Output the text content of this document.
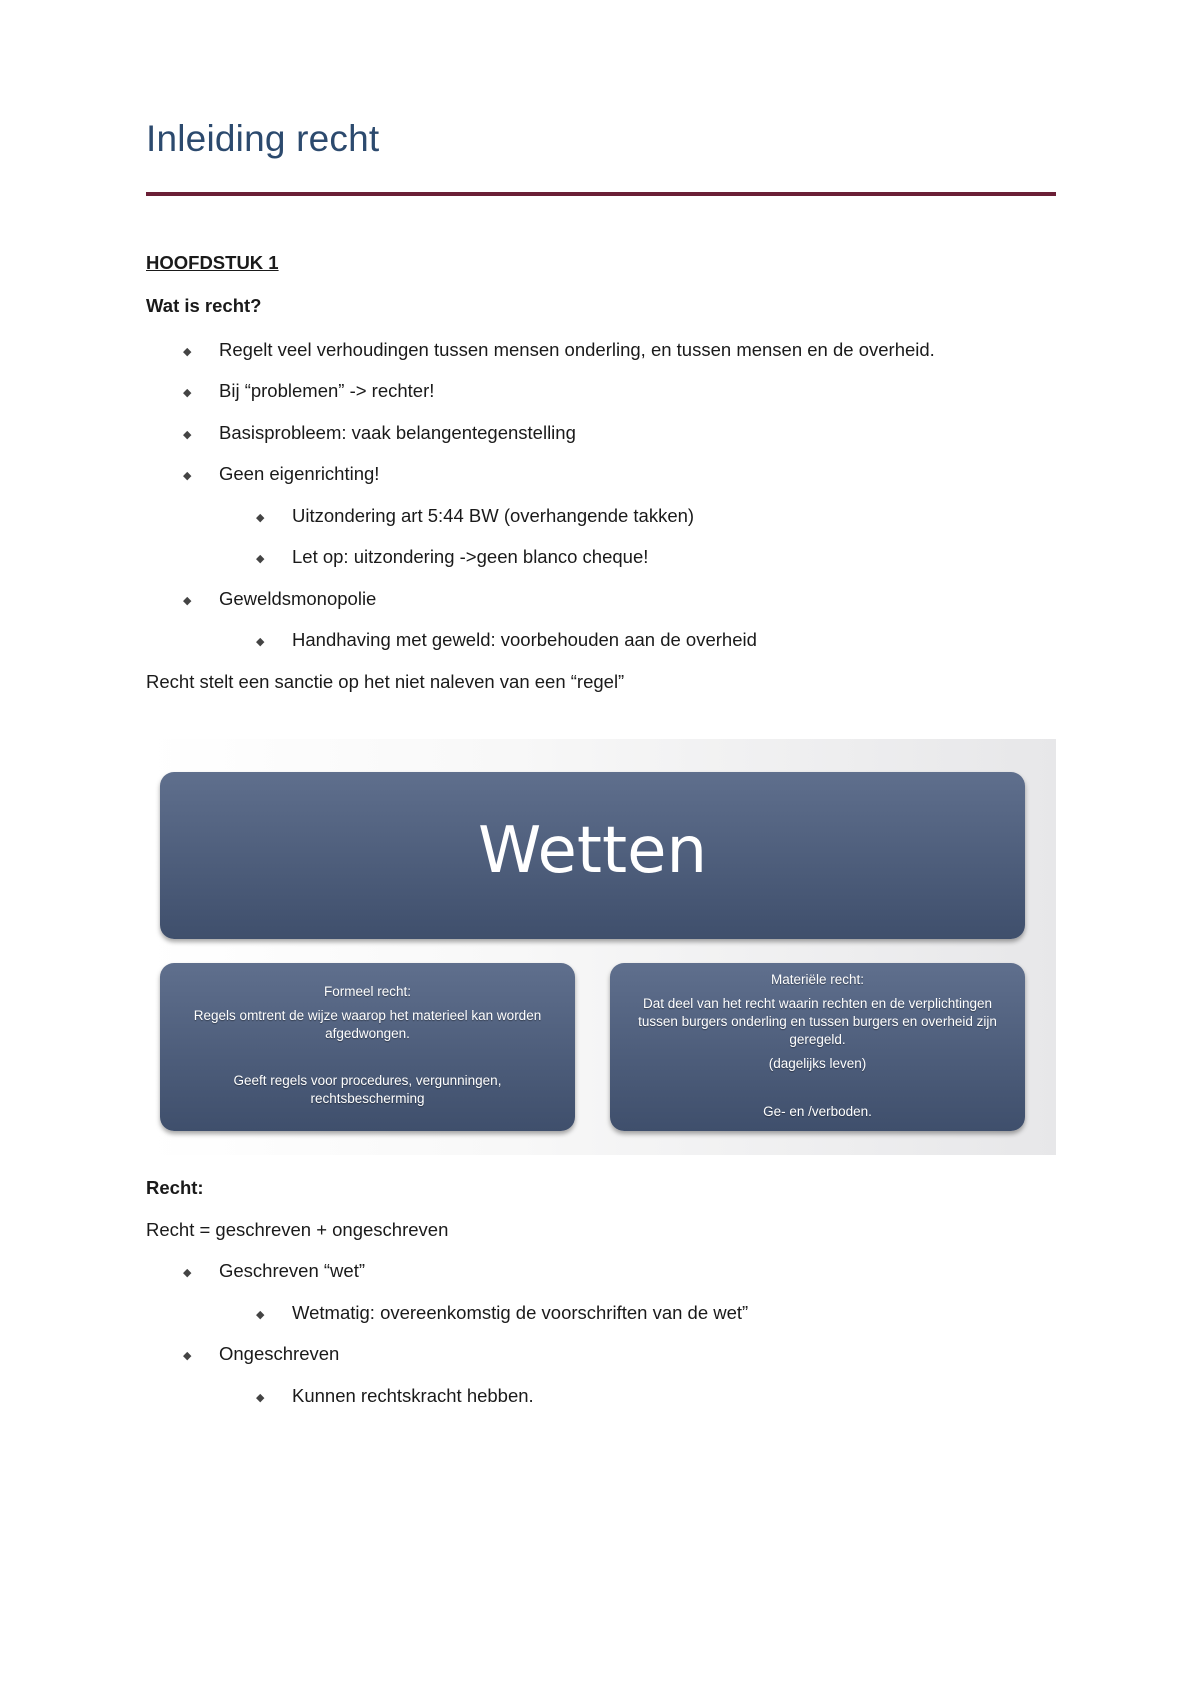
Inleiding recht
HOOFDSTUK 1
Wat is recht?
◆ Regelt veel verhoudingen tussen mensen onderling, en tussen mensen en de overheid.
◆ Bij “problemen” -> rechter!
◆ Basisprobleem: vaak belangentegenstelling
◆ Geen eigenrichting!
◆ Uitzondering art 5:44 BW (overhangende takken)
◆ Let op: uitzondering ->geen blanco cheque!
◆ Geweldsmonopolie
◆ Handhaving met geweld: voorbehouden aan de overheid
Recht stelt een sanctie op het niet naleven van een “regel”
Wetten
Formeel recht:
Regels omtrent de wijze waarop het materieel kan worden
afgedwongen.
Geeft regels voor procedures, vergunningen,
rechtsbescherming
Materiële recht:
Dat deel van het recht waarin rechten en de verplichtingen
tussen burgers onderling en tussen burgers en overheid zijn
geregeld.
(dagelijks leven)
Ge- en /verboden.
Recht:
Recht = geschreven + ongeschreven
◆ Geschreven “wet”
◆ Wetmatig: overeenkomstig de voorschriften van de wet”
◆ Ongeschreven
◆ Kunnen rechtskracht hebben.
